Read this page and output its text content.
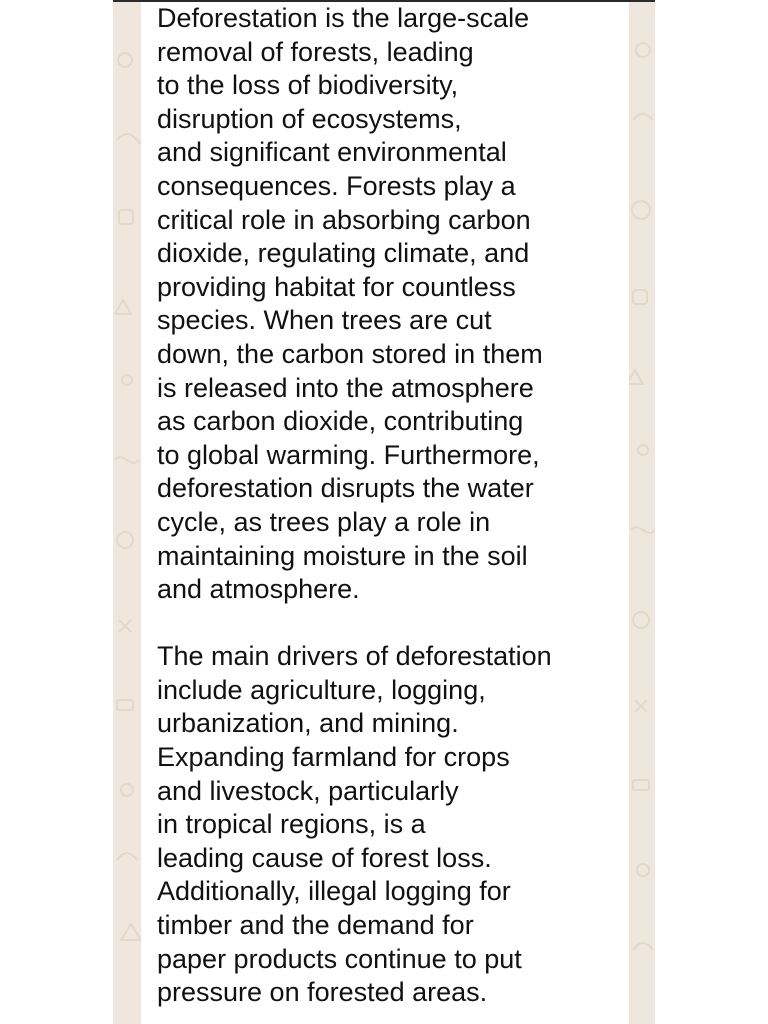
Deforestation is the large-scale
removal of forests, leading
to the loss of biodiversity,
disruption of ecosystems,
and significant environmental
consequences. Forests play a
critical role in absorbing carbon
dioxide, regulating climate, and
providing habitat for countless
species. When trees are cut
down, the carbon stored in them
is released into the atmosphere
as carbon dioxide, contributing
to global warming. Furthermore,
deforestation disrupts the water
cycle, as trees play a role in
maintaining moisture in the soil
and atmosphere.

The main drivers of deforestation
include agriculture, logging,
urbanization, and mining.
Expanding farmland for crops
and livestock, particularly
in tropical regions, is a
leading cause of forest loss.
Additionally, illegal logging for
timber and the demand for
paper products continue to put
pressure on forested areas.
